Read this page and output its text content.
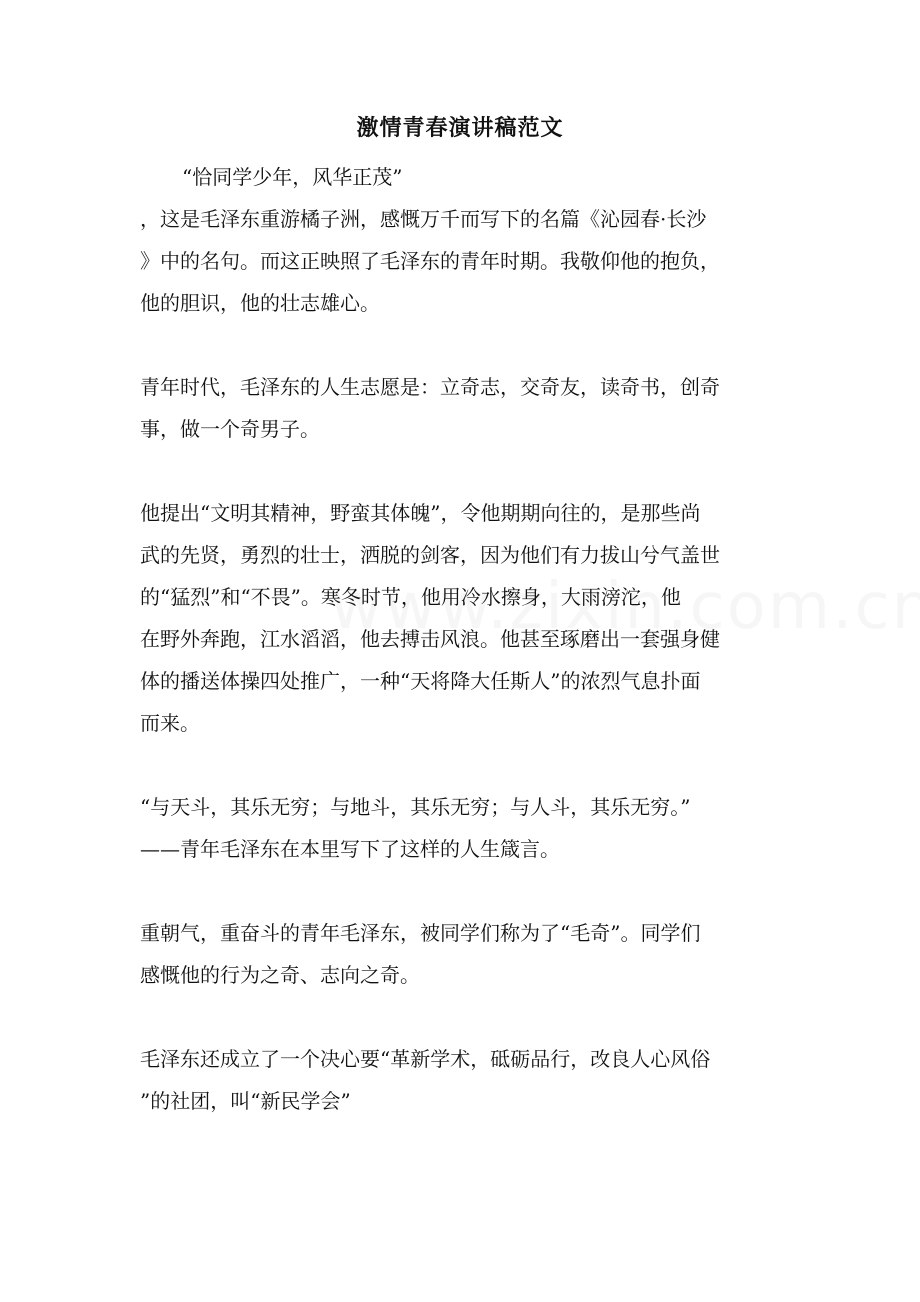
激情青春演讲稿范文

“恰同学少年，风华正茂”

，这是毛泽东重游橘子洲，感慨万千而写下的名篇《沁园春·长沙
》中的名句。而这正映照了毛泽东的青年时期。我敬仰他的抱负，
他的胆识，他的壮志雄心。

青年时代，毛泽东的人生志愿是：立奇志，交奇友，读奇书，创奇
事，做一个奇男子。

他提出“文明其精神，野蛮其体魄”，令他期期向往的，是那些尚
武的先贤，勇烈的壮士，洒脱的剑客，因为他们有力拔山兮气盖世
的“猛烈”和“不畏”。寒冬时节，他用冷水擦身，大雨滂沱，他
在野外奔跑，江水滔滔，他去搏击风浪。他甚至琢磨出一套强身健
体的播送体操四处推广，一种“天将降大任斯人”的浓烈气息扑面
而来。

“与天斗，其乐无穷；与地斗，其乐无穷；与人斗，其乐无穷。”
——青年毛泽东在本里写下了这样的人生箴言。

重朝气，重奋斗的青年毛泽东，被同学们称为了“毛奇”。同学们
感慨他的行为之奇、志向之奇。

毛泽东还成立了一个决心要“革新学术，砥砺品行，改良人心风俗
”的社团，叫“新民学会”
